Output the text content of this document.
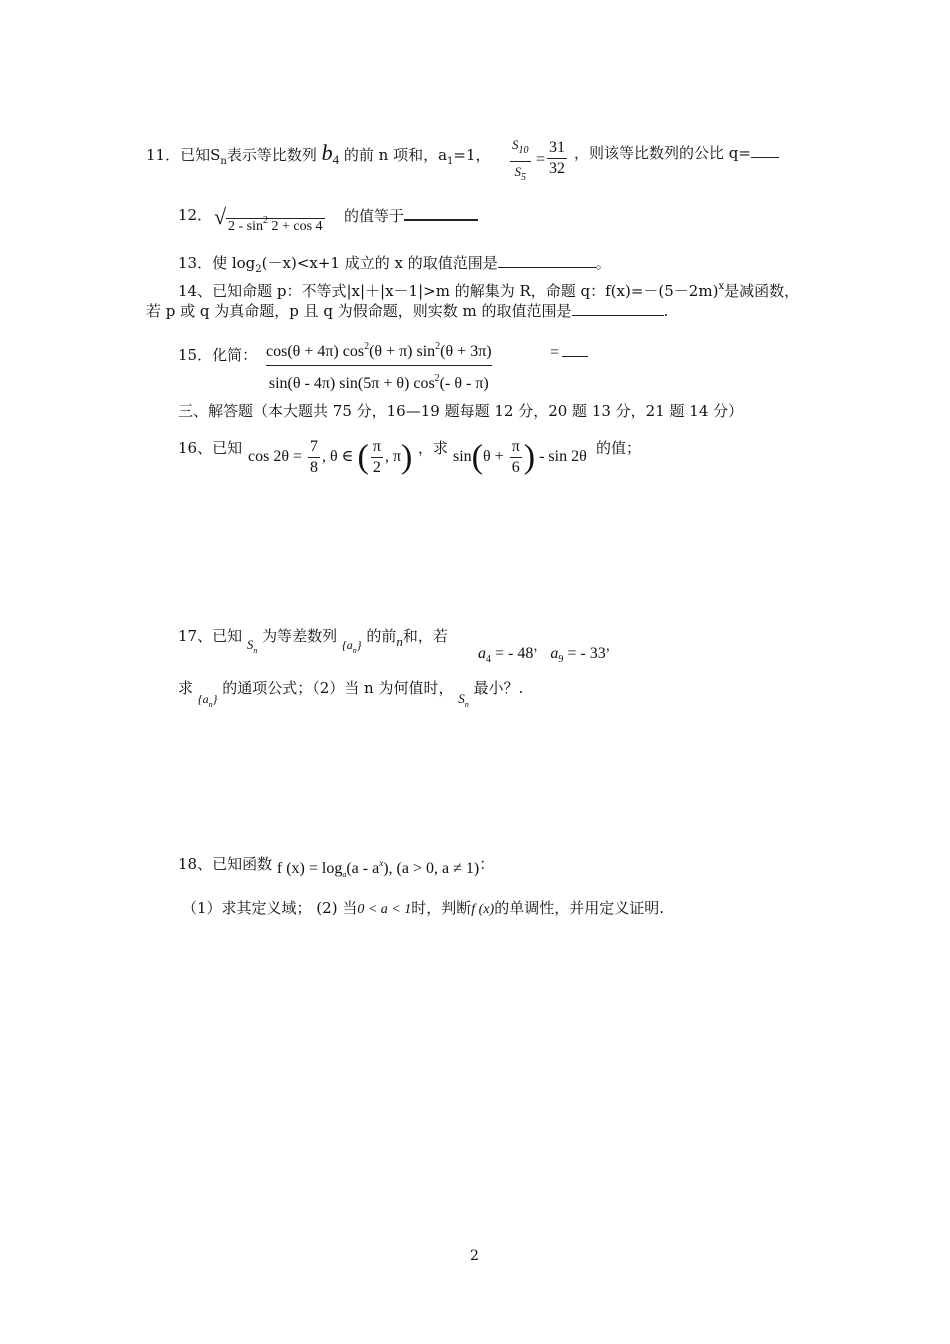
11．已知$S_n$表示等比数列 b4 的前 n 项和，$a_1=1$， $\frac{S_{10}}{S_5} = \frac{31}{32}$ ，则该等比数列的公比 q=
12． √ $2 - \sin^2 2 + \cos 4$
的值等于
13．使 $\log_2(-x)<x+1$ 成立的 x 的取值范围是	。
14、已知命题 p：不等式|x|＋|x－1|>m 的解集为 R，命题 q：$f(x)=-(5-2m)^x$是减函数，
若 p 或 q 为真命题，p 且 q 为假命题，则实数 m 的取值范围是	.
15．化简： $\frac{\cos(\theta + 4\pi) \cos^2(\theta + \pi) \sin^2(\theta + 3\pi)}{\sin(\theta - 4\pi) \sin(5\pi + \theta) \cos^2(- \theta - \pi)}$	=
三、解答题（本大题共 75 分，16—19 题每题 12 分，20 题 13 分，21 题 14 分）
16、已知 $\cos 2\theta = \frac{7}{8}$ , θ ∈ ( $\frac{\pi}{2}$ , π) ，求 $\sin(\theta + \frac{\pi}{6}$ ) - sin 2θ 的值；
17、已知 $S_n$ 为等差数列 $_{\{a_n\}}$ 的前n和，若
$a_4$ = - 48， $a_9$ = - 33，
求 $_{\{a_n\}}$ 的通项公式；（2）当 n 为何值时， $S_n$ 最小？.
18、已知函数 f $(x) = \log_a(a - a^x)$, (a > 0, a ≠ 1)：
（1）求其定义域； (2) 当0 < a < 1时，判断f (x)的单调性，并用定义证明.
2
